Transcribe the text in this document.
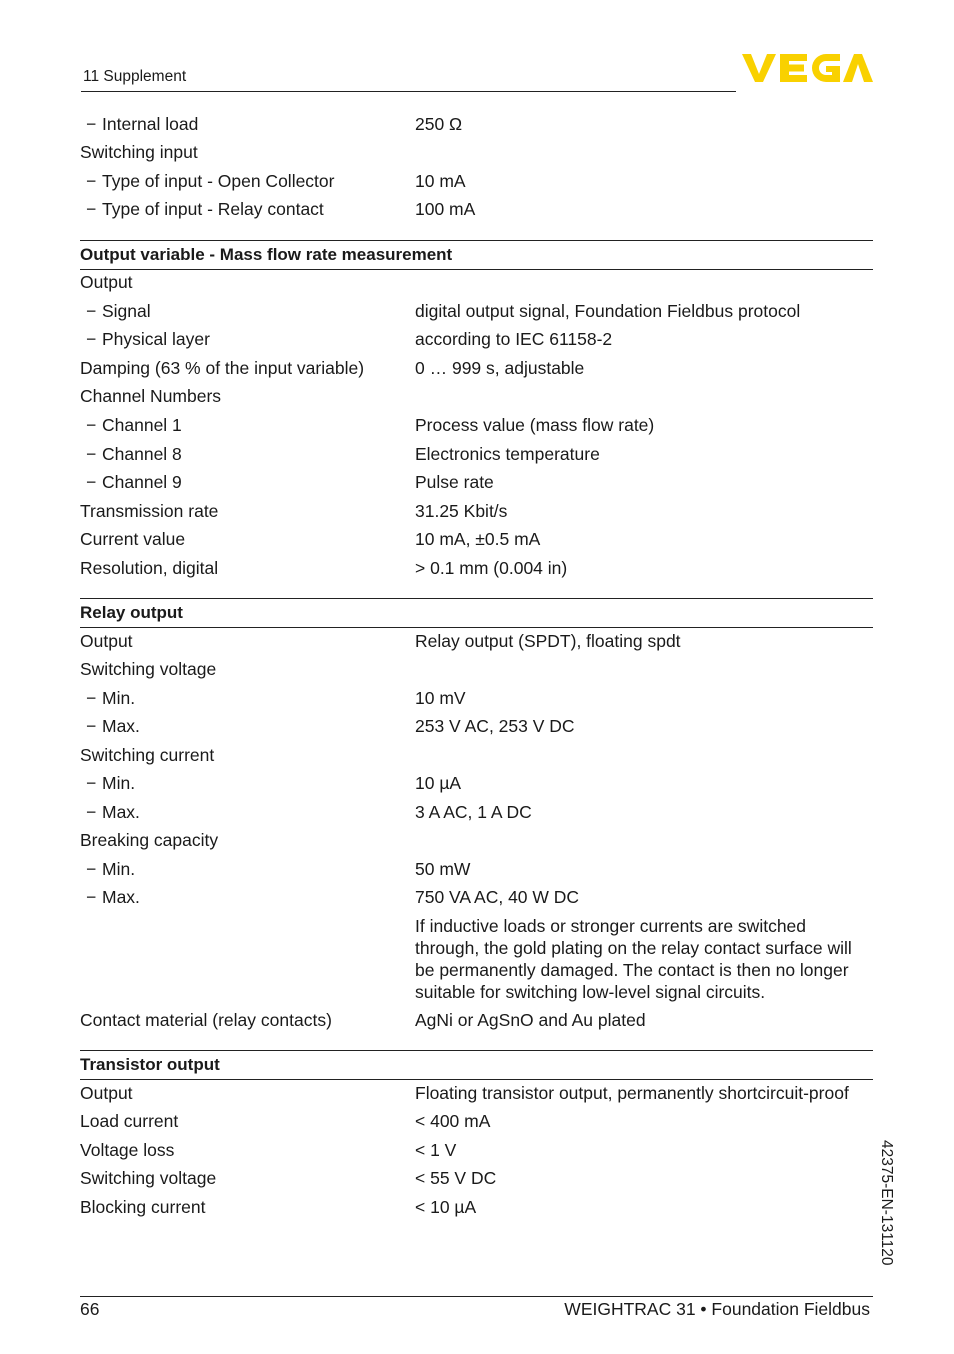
11 Supplement
− Internal load	250 Ω
Switching input
− Type of input - Open Collector	10 mA
− Type of input - Relay contact	100 mA
Output variable - Mass flow rate measurement
Output
− Signal	digital output signal, Foundation Fieldbus protocol
− Physical layer	according to IEC 61158-2
Damping (63 % of the input variable)	0 … 999 s, adjustable
Channel Numbers
− Channel 1	Process value (mass flow rate)
− Channel 8	Electronics temperature
− Channel 9	Pulse rate
Transmission rate	31.25 Kbit/s
Current value	10 mA, ±0.5 mA
Resolution, digital	> 0.1 mm (0.004 in)
Relay output
Output	Relay output (SPDT), floating spdt
Switching voltage
− Min.	10 mV
− Max.	253 V AC, 253 V DC
Switching current
− Min.	10 µA
− Max.	3 A AC, 1 A DC
Breaking capacity
− Min.	50 mW
− Max.	750 VA AC, 40 W DC
If inductive loads or stronger currents are switched
through, the gold plating on the relay contact surface will
be permanently damaged. The contact is then no longer
suitable for switching low-level signal circuits.
Contact material (relay contacts)	AgNi or AgSnO and Au plated
Transistor output
Output	Floating transistor output, permanently shortcircuit-proof
Load current	< 400 mA
Voltage loss	< 1 V
Switching voltage	< 55 V DC
Blocking current	< 10 µA
66	WEIGHTRAC 31 • Foundation Fieldbus
42375-EN-131120
